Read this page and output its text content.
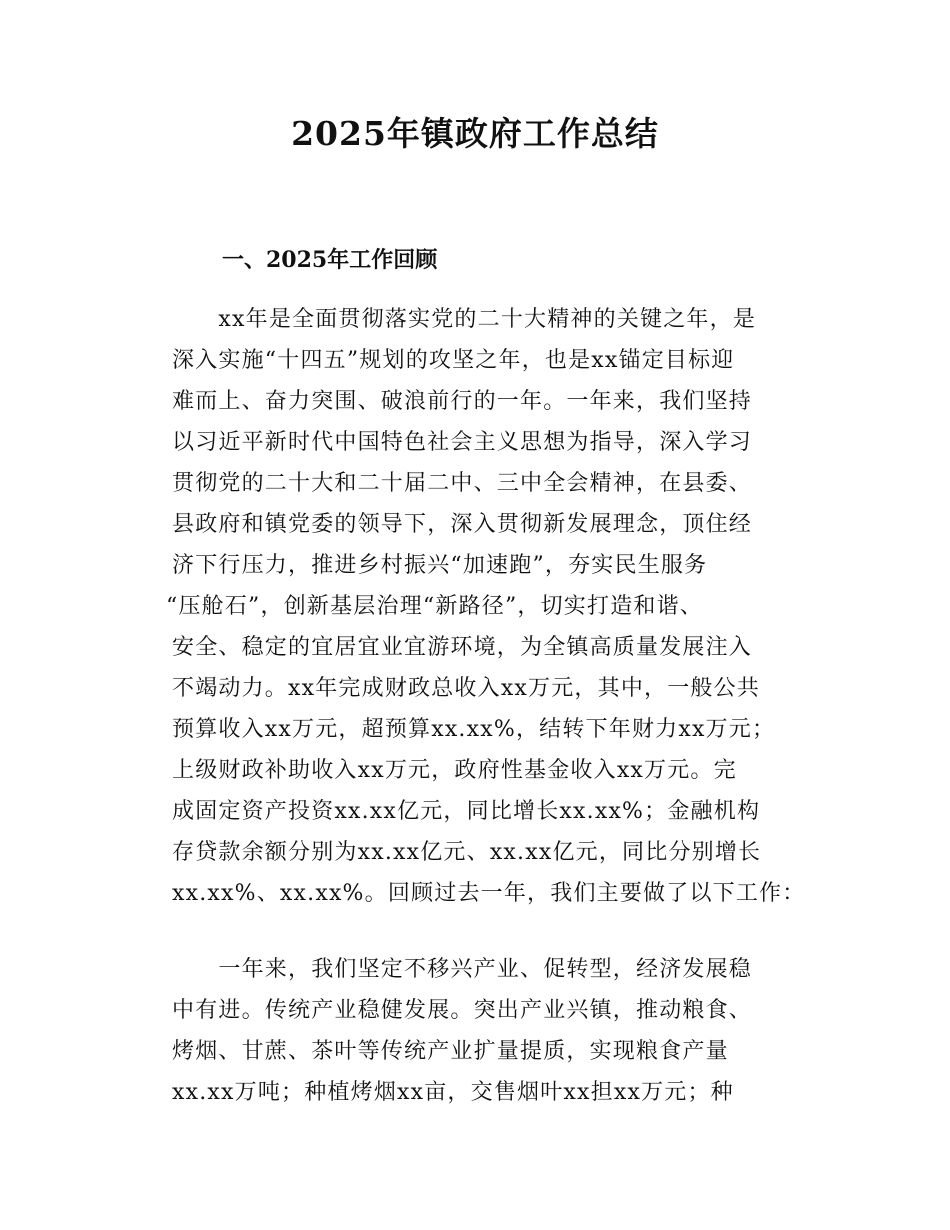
2025年镇政府工作总结
一、2025年工作回顾
　　xx年是全面贯彻落实党的二十大精神的关键之年，是
深入实施“十四五”规划的攻坚之年，也是xx锚定目标迎
难而上、奋力突围、破浪前行的一年。一年来，我们坚持
以习近平新时代中国特色社会主义思想为指导，深入学习
贯彻党的二十大和二十届二中、三中全会精神，在县委、
县政府和镇党委的领导下，深入贯彻新发展理念，顶住经
济下行压力，推进乡村振兴“加速跑”，夯实民生服务
“压舱石”，创新基层治理“新路径”，切实打造和谐、
安全、稳定的宜居宜业宜游环境，为全镇高质量发展注入
不竭动力。xx年完成财政总收入xx万元，其中，一般公共
预算收入xx万元，超预算xx.xx%，结转下年财力xx万元；
上级财政补助收入xx万元，政府性基金收入xx万元。完
成固定资产投资xx.xx亿元，同比增长xx.xx%；金融机构
存贷款余额分别为xx.xx亿元、xx.xx亿元，同比分别增长
xx.xx%、xx.xx%。回顾过去一年，我们主要做了以下工作：
　　一年来，我们坚定不移兴产业、促转型，经济发展稳
中有进。传统产业稳健发展。突出产业兴镇，推动粮食、
烤烟、甘蔗、茶叶等传统产业扩量提质，实现粮食产量
xx.xx万吨；种植烤烟xx亩，交售烟叶xx担xx万元；种
